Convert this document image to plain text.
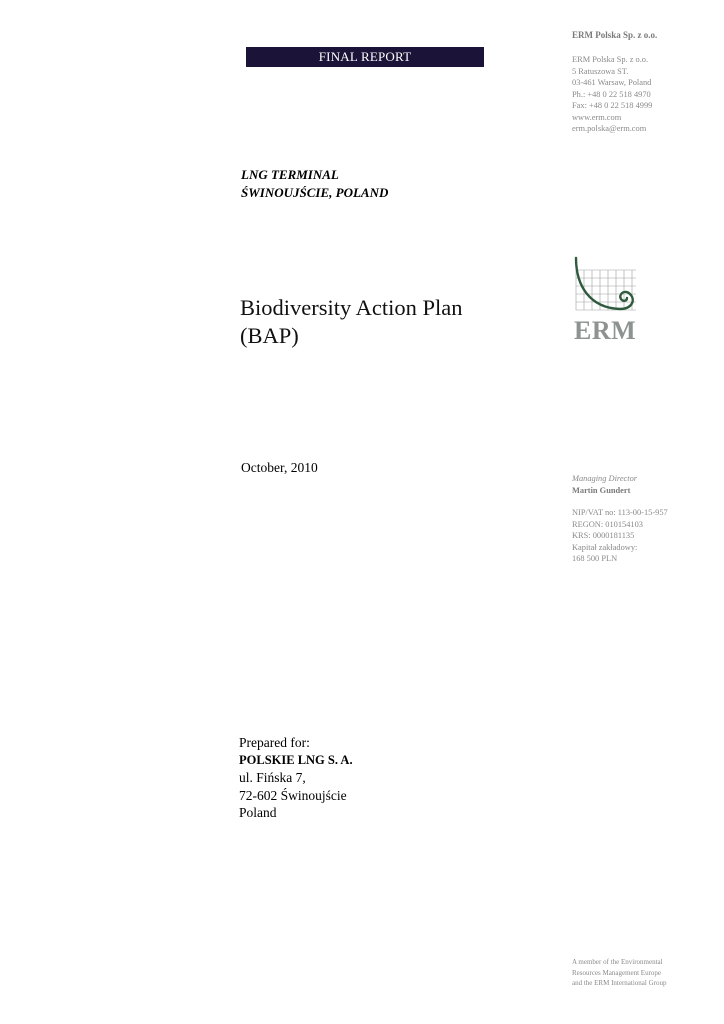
FINAL REPORT
ERM Polska Sp. z o.o.
ERM Polska Sp. z o.o.
5 Ratuszowa ST.
03-461 Warsaw, Poland
Ph.: +48 0 22 518 4970
Fax: +48 0 22 518 4999
www.erm.com
erm.polska@erm.com
LNG TERMINAL
ŚWINOUJŚCIE, POLAND
Biodiversity Action Plan
(BAP)	ERM
October, 2010
Managing Director
Martin Gundert
NIP/VAT no: 113-00-15-957
REGON: 010154103
KRS: 0000181135
Kapitał zakładowy:
168 500 PLN
Prepared for:
POLSKIE LNG S. A.
ul. Fińska 7,
72-602 Świnoujście
Poland
A member of the Environmental
Resources Management Europe
and the ERM International Group
